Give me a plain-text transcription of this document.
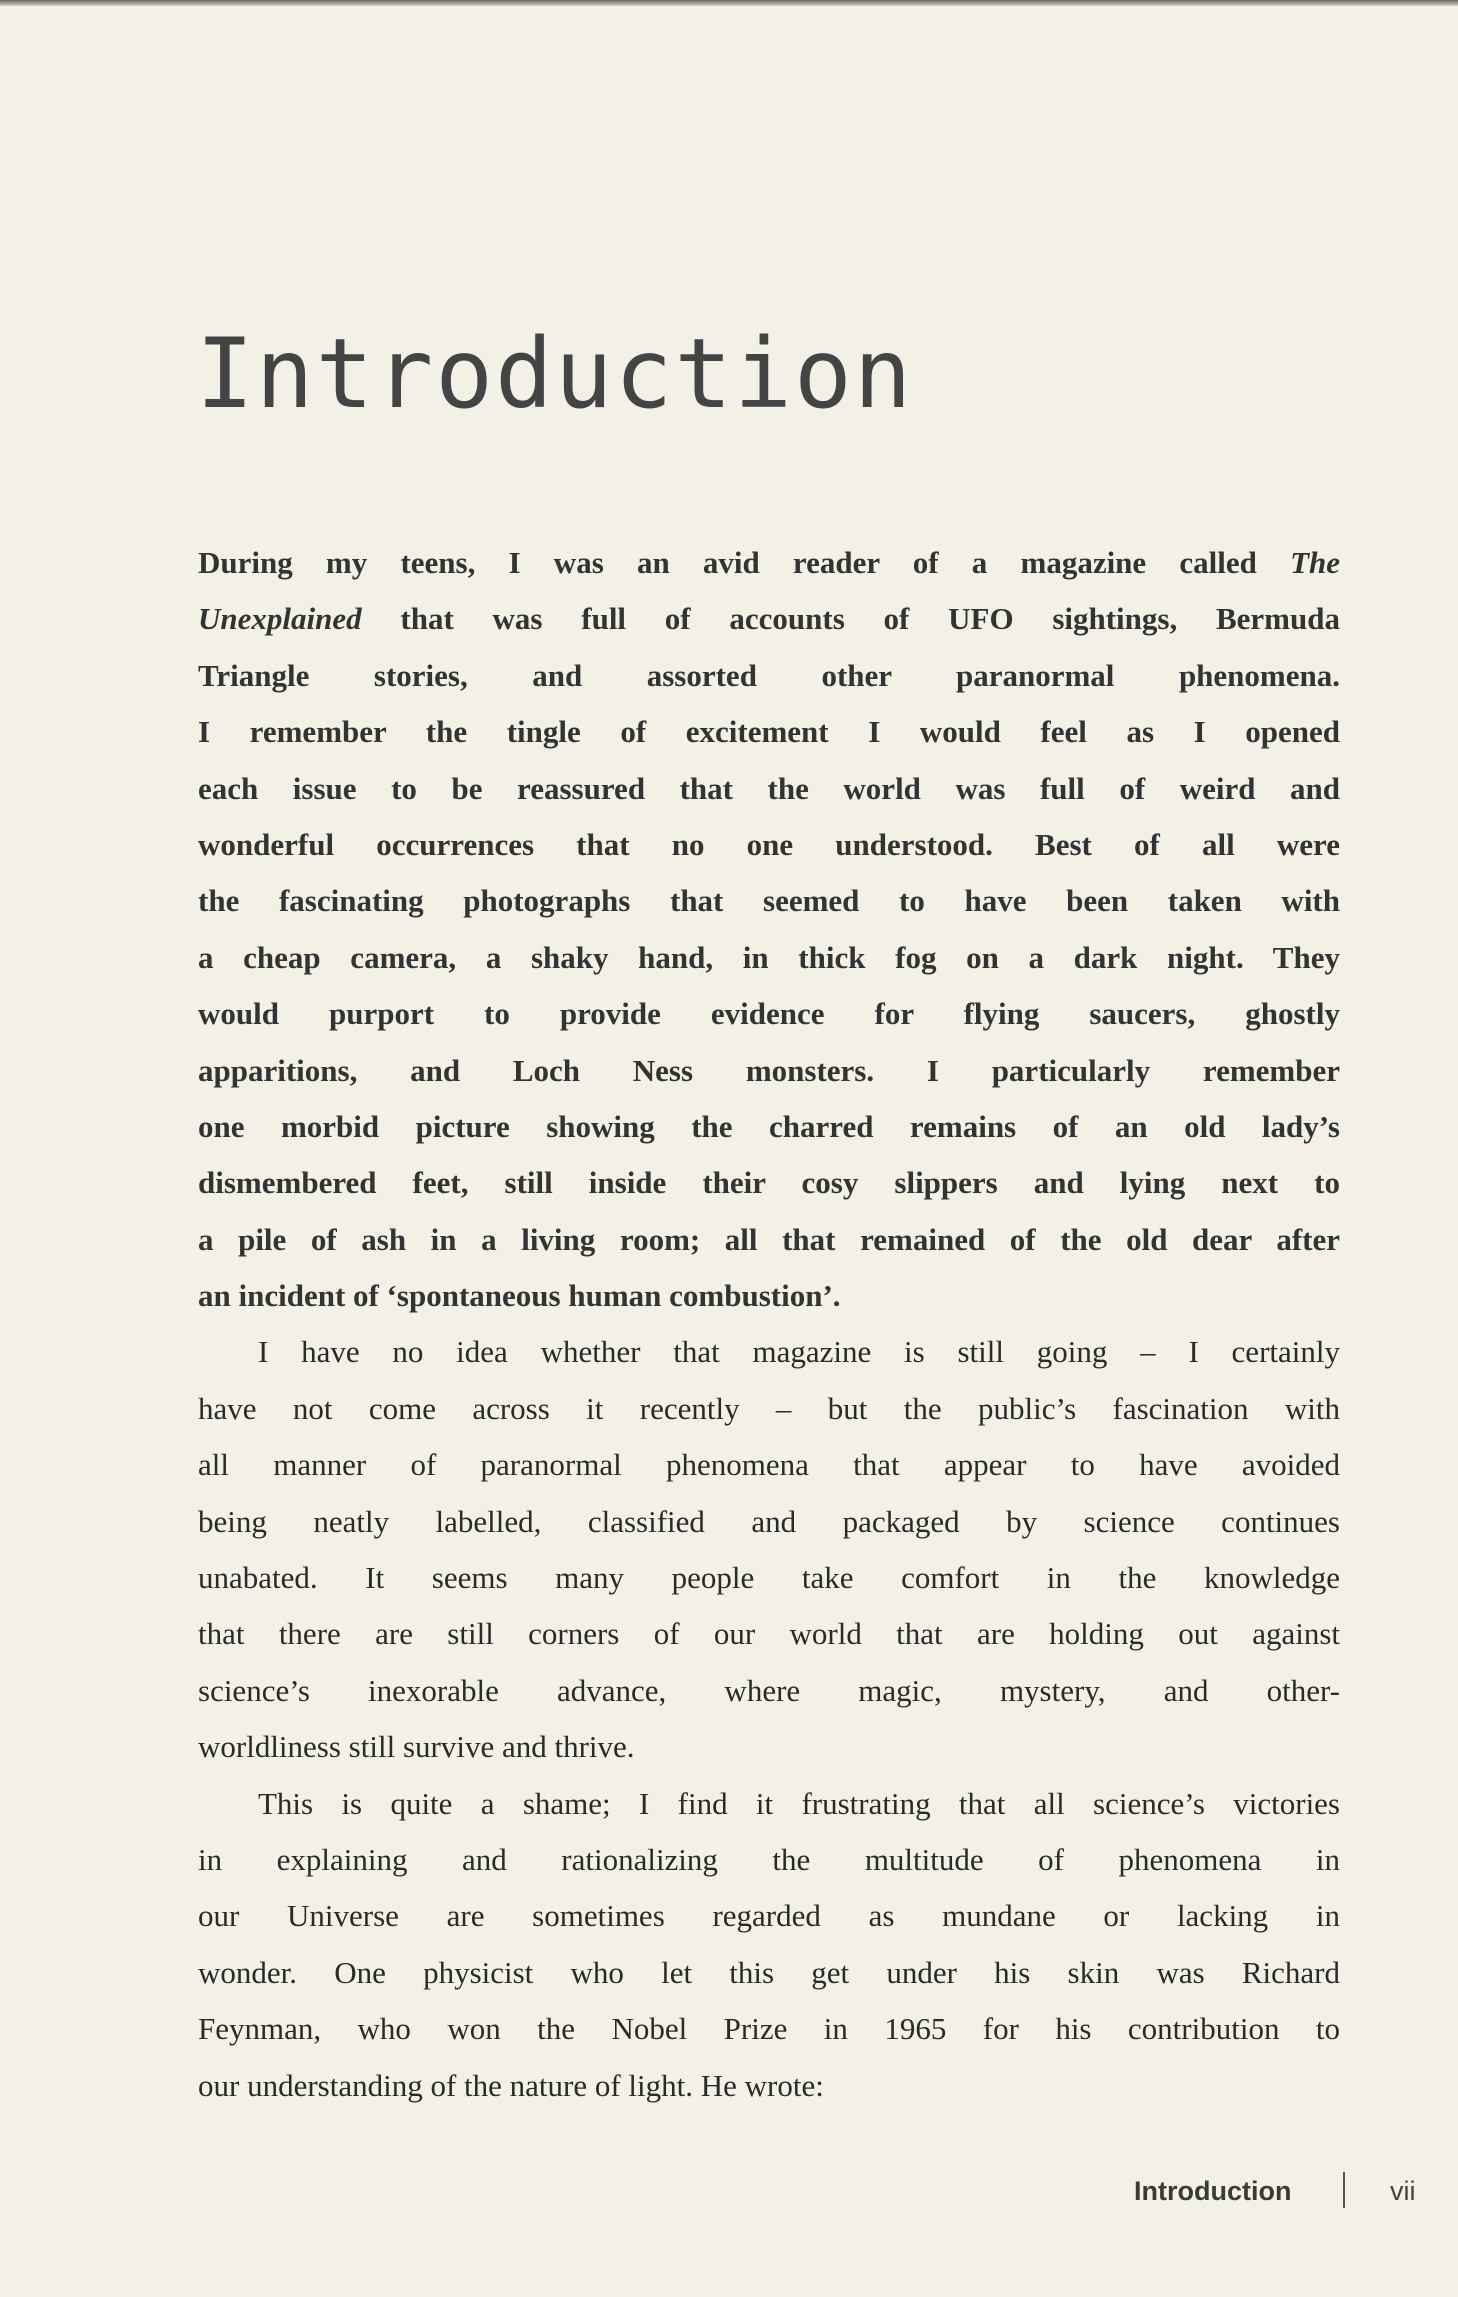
Introduction
During my teens, I was an avid reader of a magazine called The
Unexplained that was full of accounts of UFO sightings, Bermuda
Triangle stories, and assorted other paranormal phenomena.
I remember the tingle of excitement I would feel as I opened
each issue to be reassured that the world was full of weird and
wonderful occurrences that no one understood. Best of all were
the fascinating photographs that seemed to have been taken with
a cheap camera, a shaky hand, in thick fog on a dark night. They
would purport to provide evidence for flying saucers, ghostly
apparitions, and Loch Ness monsters. I particularly remember
one morbid picture showing the charred remains of an old lady’s
dismembered feet, still inside their cosy slippers and lying next to
a pile of ash in a living room; all that remained of the old dear after
an incident of ‘spontaneous human combustion’.
I have no idea whether that magazine is still going – I certainly
have not come across it recently – but the public’s fascination with
all manner of paranormal phenomena that appear to have avoided
being neatly labelled, classified and packaged by science continues
unabated. It seems many people take comfort in the knowledge
that there are still corners of our world that are holding out against
science’s inexorable advance, where magic, mystery, and other-
worldliness still survive and thrive.
This is quite a shame; I find it frustrating that all science’s victories
in explaining and rationalizing the multitude of phenomena in
our Universe are sometimes regarded as mundane or lacking in
wonder. One physicist who let this get under his skin was Richard
Feynman, who won the Nobel Prize in 1965 for his contribution to
our understanding of the nature of light. He wrote:
Introduction	vii
